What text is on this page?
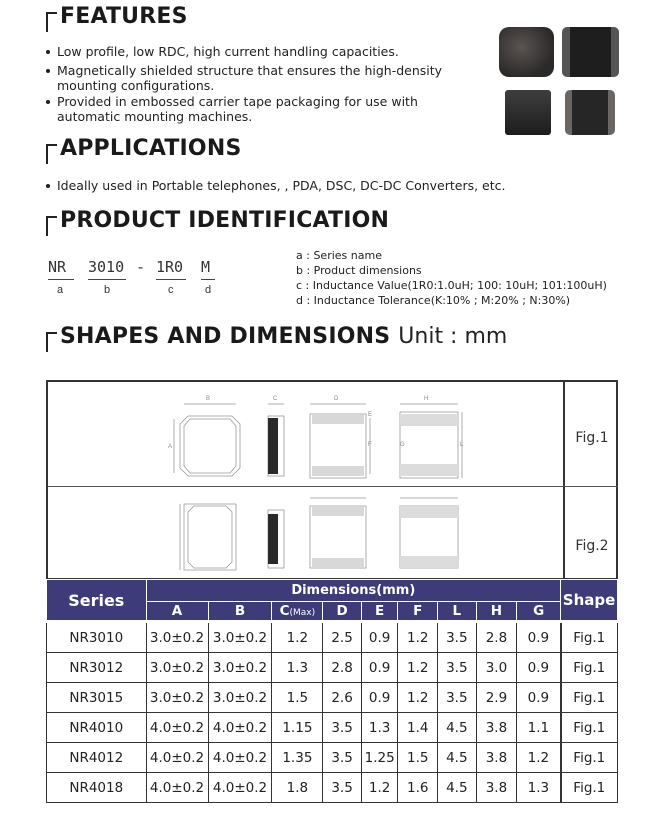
FEATURES
Low profile, low RDC, high current handling capacities.
Magnetically shielded structure that ensures the high-density mounting configurations.
Provided in embossed carrier tape packaging for use with automatic mounting machines.
APPLICATIONS
Ideally used in Portable telephones, , PDA, DSC, DC-DC Converters, etc.
PRODUCT IDENTIFICATION
NR 3010 - 1R0 M
a	b	c	d
a : Series name
b : Product dimensions
c : Inductance Value(1R0:1.0uH; 100: 10uH; 101:100uH)
d : Inductance Tolerance(K:10% ; M:20% ; N:30%)
SHAPES AND DIMENSIONS Unit : mm
B
A
C	D
E
F
H
G	L	Fig.1
Fig.2
Series	Dimensions(mm)									Shape
	A	B	C(Max)	D	E	F	L	H	G	
NR3010	3.0±0.2	3.0±0.2	1.2	2.5	0.9	1.2	3.5	2.8	0.9	Fig.1
NR3012	3.0±0.2	3.0±0.2	1.3	2.8	0.9	1.2	3.5	3.0	0.9	Fig.1
NR3015	3.0±0.2	3.0±0.2	1.5	2.6	0.9	1.2	3.5	2.9	0.9	Fig.1
NR4010	4.0±0.2	4.0±0.2	1.15	3.5	1.3	1.4	4.5	3.8	1.1	Fig.1
NR4012	4.0±0.2	4.0±0.2	1.35	3.5	1.25	1.5	4.5	3.8	1.2	Fig.1
NR4018	4.0±0.2	4.0±0.2	1.8	3.5	1.2	1.6	4.5	3.8	1.3	Fig.1
